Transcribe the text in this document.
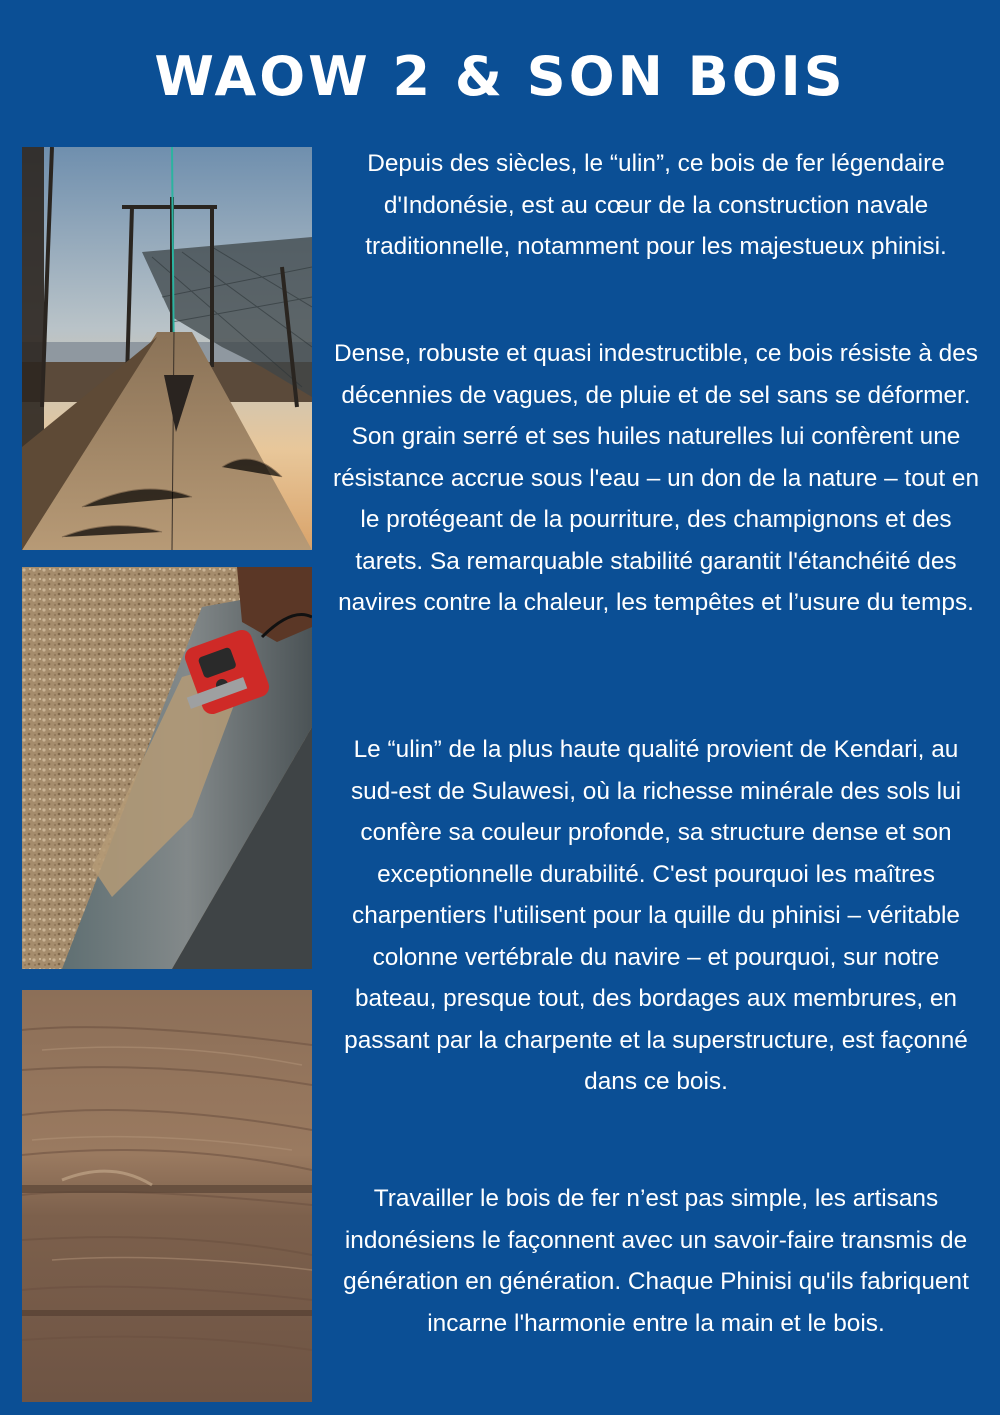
WAOW 2 & SON BOIS

Depuis des siècles, le “ulin”, ce bois de fer légendaire d'Indonésie, est au cœur de la construction navale traditionnelle, notamment pour les majestueux phinisi.

Dense, robuste et quasi indestructible, ce bois résiste à des décennies de vagues, de pluie et de sel sans se déformer. Son grain serré et ses huiles naturelles lui confèrent une résistance accrue sous l'eau – un don de la nature – tout en le protégeant de la pourriture, des champignons et des tarets. Sa remarquable stabilité garantit l'étanchéité des navires contre la chaleur, les tempêtes et l’usure du temps.

Le “ulin” de la plus haute qualité provient de Kendari, au sud-est de Sulawesi, où la richesse minérale des sols lui confère sa couleur profonde, sa structure dense et son exceptionnelle durabilité. C'est pourquoi les maîtres charpentiers l'utilisent pour la quille du phinisi – véritable colonne vertébrale du navire – et pourquoi, sur notre bateau, presque tout, des bordages aux membrures, en passant par la charpente et la superstructure, est façonné dans ce bois.

Travailler le bois de fer n’est pas simple, les artisans indonésiens le façonnent avec un savoir-faire transmis de génération en génération. Chaque Phinisi qu'ils fabriquent incarne l'harmonie entre la main et le bois.
